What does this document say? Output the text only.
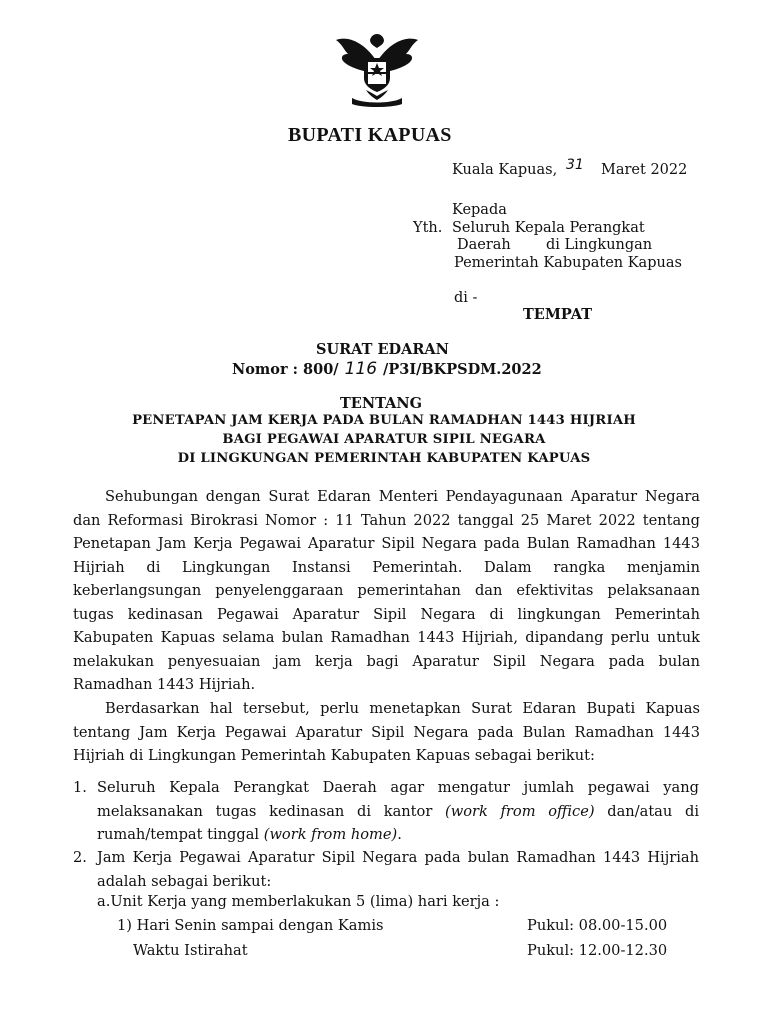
BUPATI KAPUAS
Kuala Kapuas, 31 Maret 2022
Kepada
Yth. Seluruh Kepala Perangkat
Daerah di Lingkungan
Pemerintah Kabupaten Kapuas
di -
TEMPAT
SURAT EDARAN
Nomor : 800/ 116 /P3I/BKPSDM.2022
TENTANG
PENETAPAN JAM KERJA PADA BULAN RAMADHAN 1443 HIJRIAH
BAGI PEGAWAI APARATUR SIPIL NEGARA
DI LINGKUNGAN PEMERINTAH KABUPATEN KAPUAS
Sehubungan dengan Surat Edaran Menteri Pendayagunaan Aparatur Negara
dan Reformasi Birokrasi Nomor : 11 Tahun 2022 tanggal 25 Maret 2022 tentang
Penetapan Jam Kerja Pegawai Aparatur Sipil Negara pada Bulan Ramadhan 1443
Hijriah di Lingkungan Instansi Pemerintah. Dalam rangka menjamin
keberlangsungan penyelenggaraan pemerintahan dan efektivitas pelaksanaan
tugas kedinasan Pegawai Aparatur Sipil Negara di lingkungan Pemerintah
Kabupaten Kapuas selama bulan Ramadhan 1443 Hijriah, dipandang perlu untuk
melakukan penyesuaian jam kerja bagi Aparatur Sipil Negara pada bulan
Ramadhan 1443 Hijriah.
Berdasarkan hal tersebut, perlu menetapkan Surat Edaran Bupati Kapuas
tentang Jam Kerja Pegawai Aparatur Sipil Negara pada Bulan Ramadhan 1443
Hijriah di Lingkungan Pemerintah Kabupaten Kapuas sebagai berikut:
1. Seluruh Kepala Perangkat Daerah agar mengatur jumlah pegawai yang
melaksanakan tugas kedinasan di kantor (work from office) dan/atau di
rumah/tempat tinggal (work from home).
2. Jam Kerja Pegawai Aparatur Sipil Negara pada bulan Ramadhan 1443 Hijriah
adalah sebagai berikut:
a.Unit Kerja yang memberlakukan 5 (lima) hari kerja :
1) Hari Senin sampai dengan Kamis	Pukul: 08.00-15.00
Waktu Istirahat	Pukul: 12.00-12.30
